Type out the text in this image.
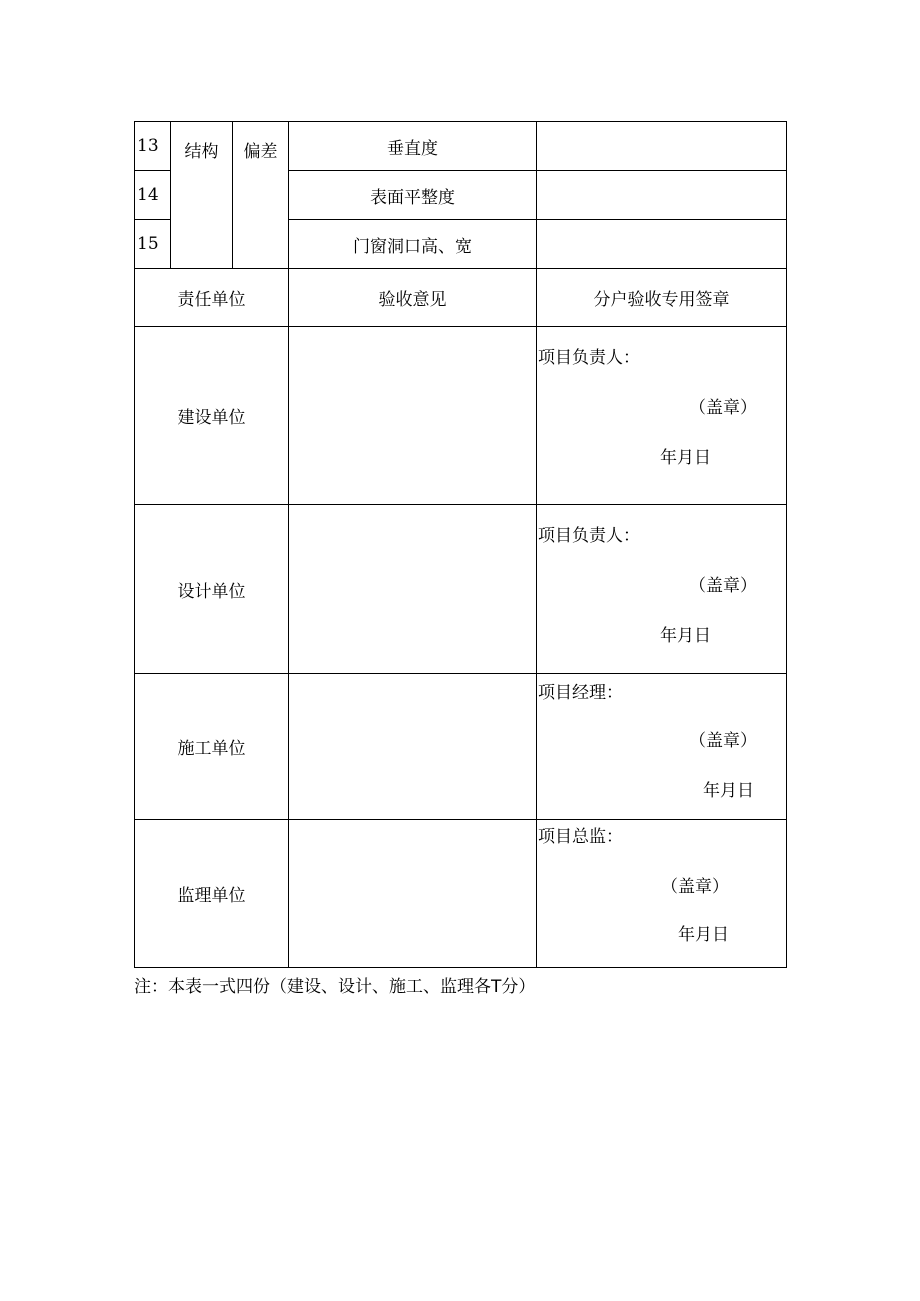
13	结构	偏差	垂直度	
14			表面平整度	
15			门窗洞口高、宽	
责任单位			验收意见	分户验收专用签章
建设单位				项目负责人：
（盖章）
年月日

设计单位				项目负责人：
（盖章）
年月日

施工单位				项目经理：
（盖章）
年月日

监理单位				项目总监：
（盖章）
年月日
注：本表一式四份（建设、设计、施工、监理各T分）
